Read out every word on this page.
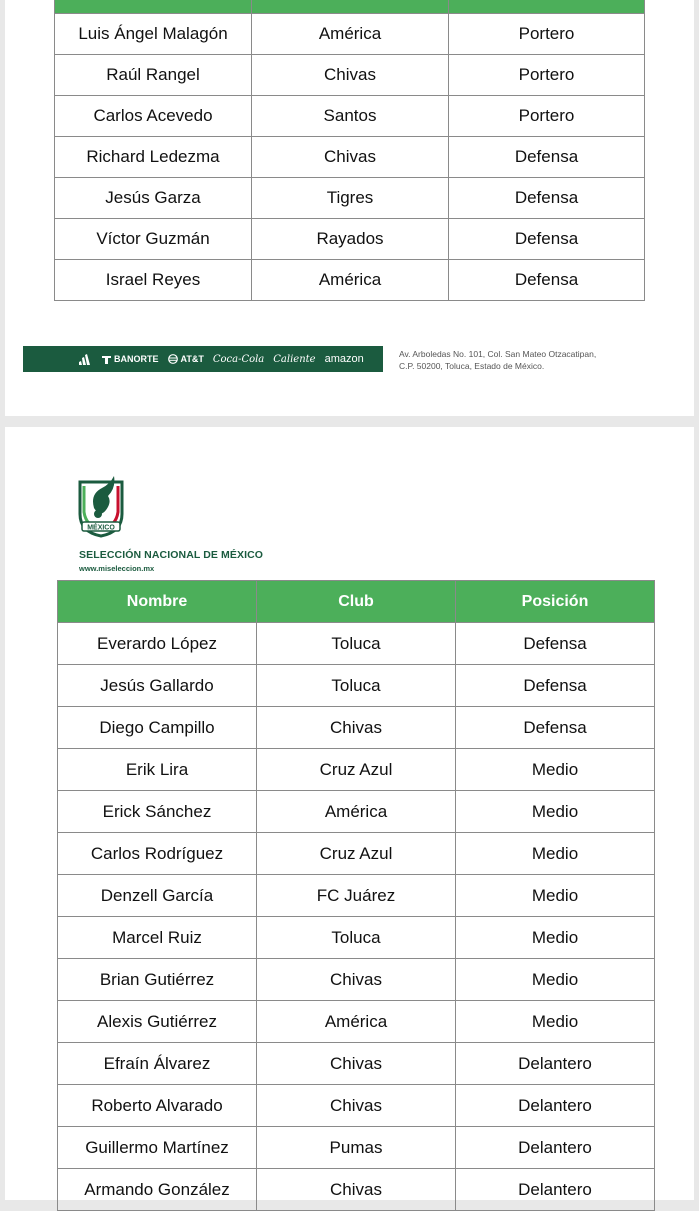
Luis Ángel Malagón	América	Portero
Raúl Rangel	Chivas	Portero
Carlos Acevedo	Santos	Portero
Richard Ledezma	Chivas	Defensa
Jesús Garza	Tigres	Defensa
Víctor Guzmán	Rayados	Defensa
Israel Reyes	América	Defensa
BANORTE AT&T Coca-Cola Caliente amazon	Av. Arboledas No. 101, Col. San Mateo Otzacatipan,
C.P. 50200, Toluca, Estado de México.
MÉXICO
SELECCIÓN NACIONAL DE MÉXICO
www.miseleccion.mx
Nombre	Club	Posición
Everardo López	Toluca	Defensa
Jesús Gallardo	Toluca	Defensa
Diego Campillo	Chivas	Defensa
Erik Lira	Cruz Azul	Medio
Erick Sánchez	América	Medio
Carlos Rodríguez	Cruz Azul	Medio
Denzell García	FC Juárez	Medio
Marcel Ruiz	Toluca	Medio
Brian Gutiérrez	Chivas	Medio
Alexis Gutiérrez	América	Medio
Efraín Álvarez	Chivas	Delantero
Roberto Alvarado	Chivas	Delantero
Guillermo Martínez	Pumas	Delantero
Armando González	Chivas	Delantero
